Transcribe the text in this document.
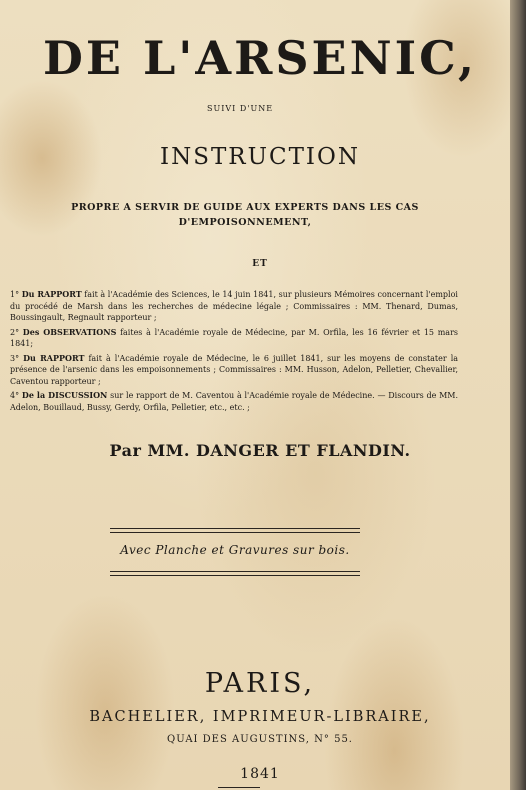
DE L'ARSENIC,
SUIVI D'UNE
INSTRUCTION
PROPRE A SERVIR DE GUIDE AUX EXPERTS DANS LES CAS D'EMPOISONNEMENT,
ET

1° Du RAPPORT fait à l'Académie des Sciences, le 14 juin 1841, sur plusieurs Mémoires concernant l'emploi du procédé de Marsh dans les recherches de médecine légale ; Commissaires : MM. Thenard, Dumas, Boussingault, Regnault rapporteur ;

2° Des OBSERVATIONS faites à l'Académie royale de Médecine, par M. Orfila, les 16 février et 15 mars 1841;

3° Du RAPPORT fait à l'Académie royale de Médecine, le 6 juillet 1841, sur les moyens de constater la présence de l'arsenic dans les empoisonnements ; Commissaires : MM. Husson, Adelon, Pelletier, Chevallier, Caventou rapporteur ;

4° De la DISCUSSION sur le rapport de M. Caventou à l'Académie royale de Médecine. — Discours de MM. Adelon, Bouillaud, Bussy, Gerdy, Orfila, Pelletier, etc., etc. ;

Par MM. DANGER ET FLANDIN.
Avec Planche et Gravures sur bois.
PARIS,
BACHELIER, IMPRIMEUR-LIBRAIRE,
QUAI DES AUGUSTINS, N° 55.
1841
